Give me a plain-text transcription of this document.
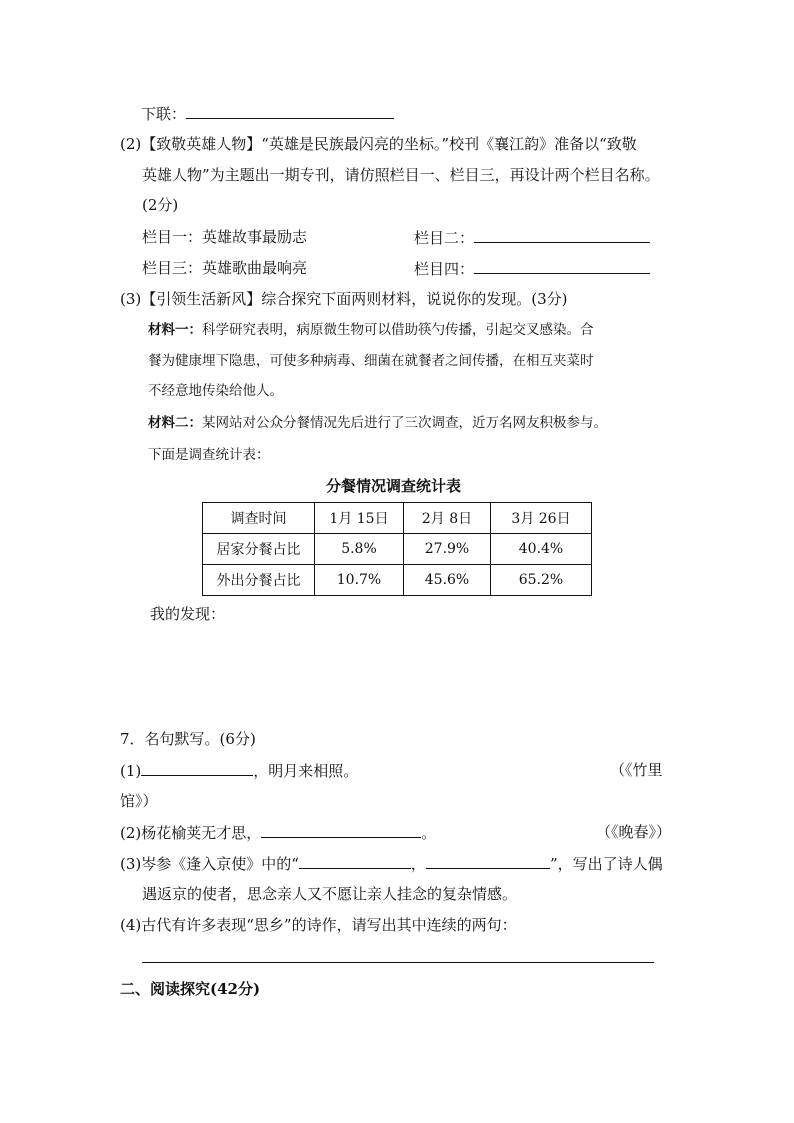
下联：
(2)【致敬英雄人物】“英雄是民族最闪亮的坐标。”校刊《襄江韵》准备以“致敬
英雄人物”为主题出一期专刊，请仿照栏目一、栏目三，再设计两个栏目名称。
(2分)
栏目一：英雄故事最励志	栏目二：
栏目三：英雄歌曲最响亮	栏目四：
(3)【引领生活新风】综合探究下面两则材料，说说你的发现。(3分)
材料一：科学研究表明，病原微生物可以借助筷勺传播，引起交叉感染。合
餐为健康埋下隐患，可使多种病毒、细菌在就餐者之间传播，在相互夹菜时
不经意地传染给他人。
材料二：某网站对公众分餐情况先后进行了三次调查，近万名网友积极参与。
下面是调查统计表：
分餐情况调查统计表
调查时间	1月 15日	2月 8日	3月 26日
居家分餐占比	5.8%	27.9%	40.4%
外出分餐占比	10.7%	45.6%	65.2%
我的发现：
7．名句默写。(6分)
(1)	，明月来相照。	（《竹里
馆》）
(2)杨花榆荚无才思，	。	（《晚春》）
(3)岑参《逢入京使》中的“	，	”，写出了诗人偶
遇返京的使者，思念亲人又不愿让亲人挂念的复杂情感。
(4)古代有许多表现“思乡”的诗作，请写出其中连续的两句：
二、阅读探究(42分)
